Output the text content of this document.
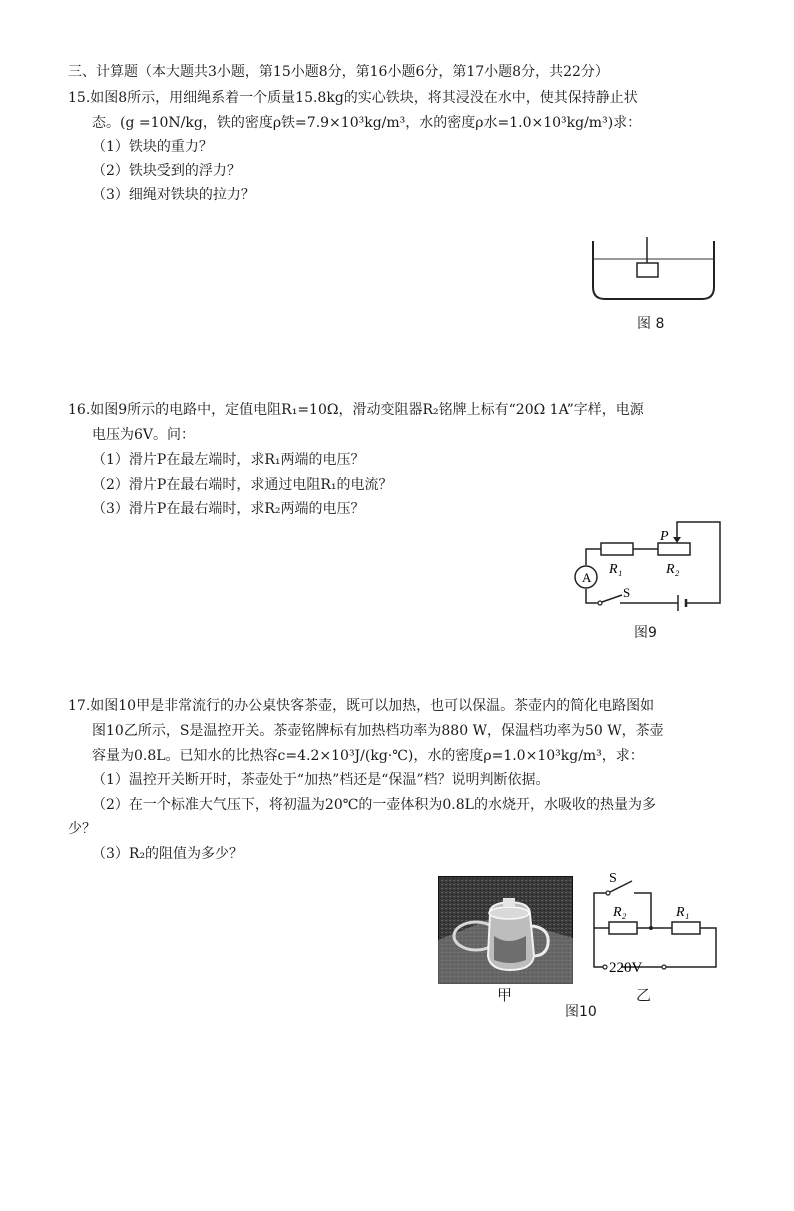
三、计算题（本大题共3小题，第15小题8分，第16小题6分，第17小题8分，共22分）
15.如图8所示，用细绳系着一个质量15.8kg的实心铁块，将其浸没在水中，使其保持静止状
态。(g =10N/kg，铁的密度ρ铁=7.9×10³kg/m³，水的密度ρ水=1.0×10³kg/m³)求：
（1）铁块的重力？
（2）铁块受到的浮力？
（3）细绳对铁块的拉力？
图 8
16.如图9所示的电路中，定值电阻R₁=10Ω，滑动变阻器R₂铭牌上标有“20Ω 1A”字样，电源
电压为6V。问：
（1）滑片P在最左端时，求R₁两端的电压？
（2）滑片P在最右端时，求通过电阻R₁的电流？
（3）滑片P在最右端时，求R₂两端的电压？
A
P
R₁	R₂
S
图9
17.如图10甲是非常流行的办公桌快客茶壶，既可以加热，也可以保温。茶壶内的简化电路图如
图10乙所示，S是温控开关。茶壶铭牌标有加热档功率为880 W，保温档功率为50 W，茶壶
容量为0.8L。已知水的比热容c=4.2×10³J/(kg·℃)，水的密度ρ=1.0×10³kg/m³，求：
（1）温控开关断开时，茶壶处于“加热”档还是“保温”档？说明判断依据。
（2）在一个标准大气压下，将初温为20℃的一壶体积为0.8L的水烧开，水吸收的热量为多
少？
（3）R₂的阻值为多少？
甲
S
R₂	R₁
220V
乙
图10
